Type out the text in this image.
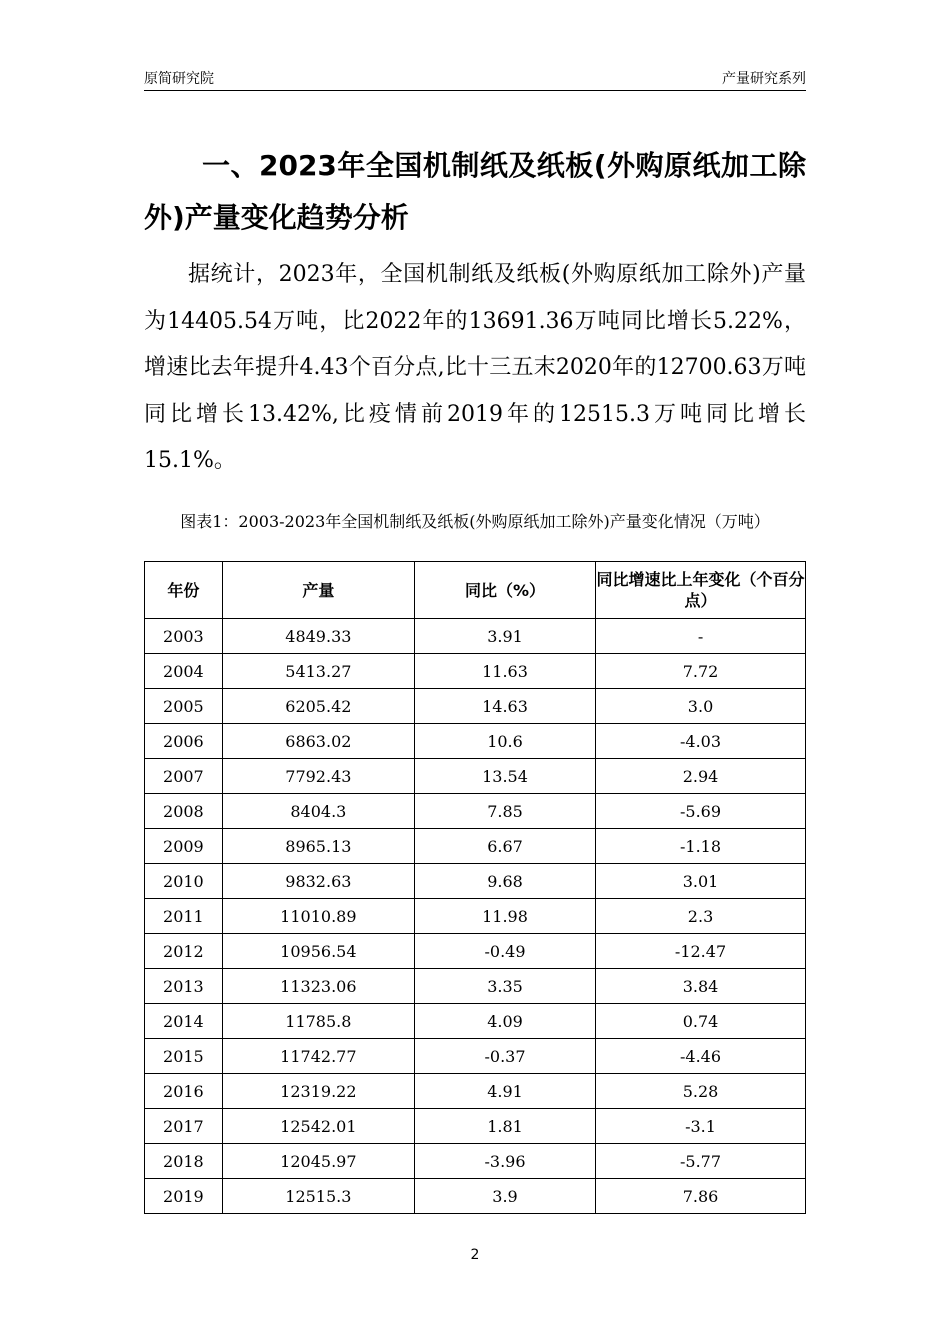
原简研究院	产量研究系列
一、2023年全国机制纸及纸板(外购原纸加工除外)产量变化趋势分析
据统计，2023年，全国机制纸及纸板(外购原纸加工除外)产量为14405.54万吨，比2022年的13691.36万吨同比增长5.22%，增速比去年提升4.43个百分点,比十三五末2020年的12700.63万吨同比增长13.42%,比疫情前2019年的12515.3万吨同比增长15.1%。
图表1：2003-2023年全国机制纸及纸板(外购原纸加工除外)产量变化情况（万吨）
年份	产量	同比（%）	同比增速比上年变化（个百分点）
2003	4849.33	3.91	-
2004	5413.27	11.63	7.72
2005	6205.42	14.63	3.0
2006	6863.02	10.6	-4.03
2007	7792.43	13.54	2.94
2008	8404.3	7.85	-5.69
2009	8965.13	6.67	-1.18
2010	9832.63	9.68	3.01
2011	11010.89	11.98	2.3
2012	10956.54	-0.49	-12.47
2013	11323.06	3.35	3.84
2014	11785.8	4.09	0.74
2015	11742.77	-0.37	-4.46
2016	12319.22	4.91	5.28
2017	12542.01	1.81	-3.1
2018	12045.97	-3.96	-5.77
2019	12515.3	3.9	7.86
2
